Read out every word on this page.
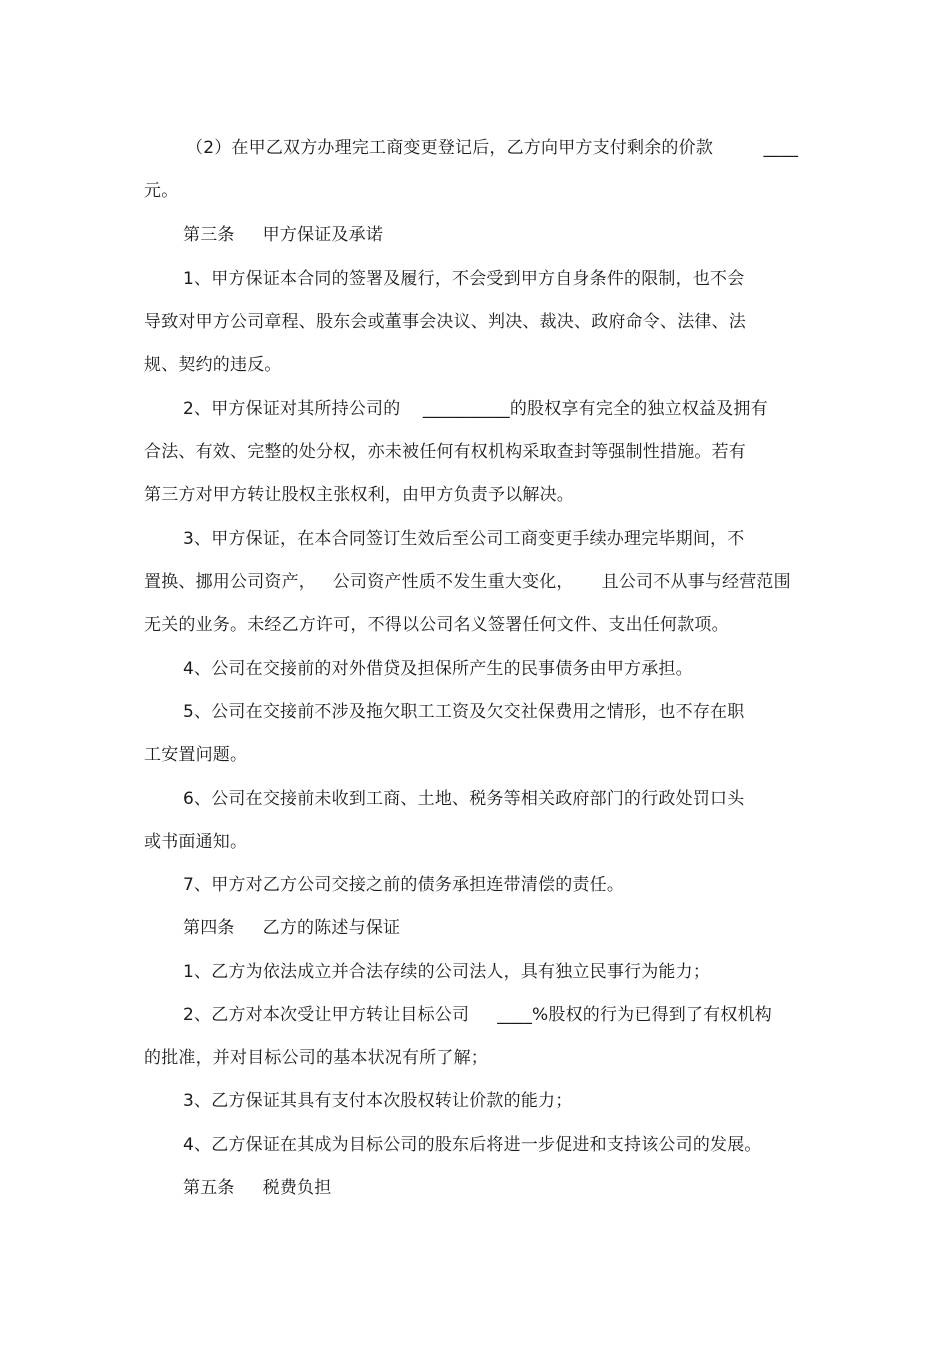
（2）在甲乙双方办理完工商变更登记后，乙方向甲方支付剩余的价款         ____
元。
第三条     甲方保证及承诺
1、甲方保证本合同的签署及履行，不会受到甲方自身条件的限制，也不会
导致对甲方公司章程、股东会或董事会决议、判决、裁决、政府命令、法律、法
规、契约的违反。
2、甲方保证对其所持公司的    __________的股权享有完全的独立权益及拥有
合法、有效、完整的处分权，亦未被任何有权机构采取查封等强制性措施。若有
第三方对甲方转让股权主张权利，由甲方负责予以解决。
3、甲方保证，在本合同签订生效后至公司工商变更手续办理完毕期间，不
置换、挪用公司资产，   公司资产性质不发生重大变化，     且公司不从事与经营范围
无关的业务。未经乙方许可，不得以公司名义签署任何文件、支出任何款项。
4、公司在交接前的对外借贷及担保所产生的民事债务由甲方承担。
5、公司在交接前不涉及拖欠职工工资及欠交社保费用之情形，也不存在职
工安置问题。
6、公司在交接前未收到工商、土地、税务等相关政府部门的行政处罚口头
或书面通知。
7、甲方对乙方公司交接之前的债务承担连带清偿的责任。
第四条     乙方的陈述与保证
1、乙方为依法成立并合法存续的公司法人，具有独立民事行为能力；
2、乙方对本次受让甲方转让目标公司     ____%股权的行为已得到了有权机构
的批准，并对目标公司的基本状况有所了解；
3、乙方保证其具有支付本次股权转让价款的能力；
4、乙方保证在其成为目标公司的股东后将进一步促进和支持该公司的发展。
第五条     税费负担
